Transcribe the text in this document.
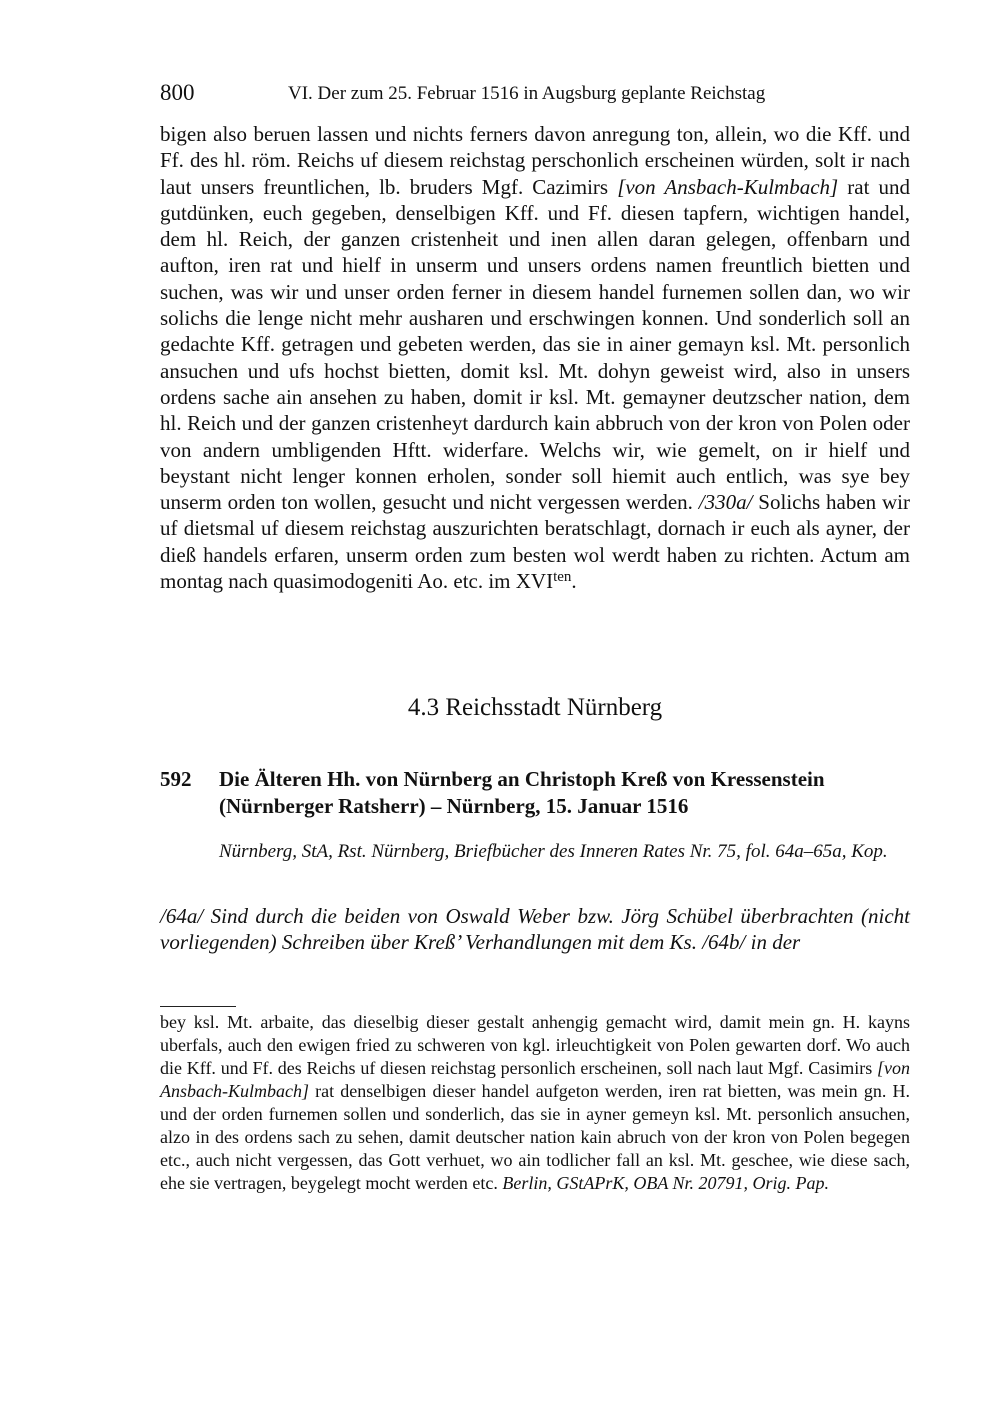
800	VI. Der zum 25. Februar 1516 in Augsburg geplante Reichstag

bigen also beruen lassen und nichts ferners davon anregung ton, allein, wo die Kff. und Ff. des hl. röm. Reichs uf diesem reichstag perschonlich erscheinen würden, solt ir nach laut unsers freuntlichen, lb. bruders Mgf. Cazimirs [von Ansbach-Kulmbach] rat und gutdünken, euch gegeben, denselbigen Kff. und Ff. diesen tapfern, wichtigen handel, dem hl. Reich, der ganzen cristenheit und inen allen daran gelegen, offenbarn und aufton, iren rat und hielf in unserm und unsers ordens namen freuntlich bietten und suchen, was wir und unser orden ferner in diesem handel furnemen sollen dan, wo wir solichs die lenge nicht mehr ausharen und erschwingen konnen. Und sonderlich soll an gedachte Kff. getragen und gebeten werden, das sie in ainer gemayn ksl. Mt. personlich ansuchen und ufs hochst bietten, domit ksl. Mt. dohyn geweist wird, also in unsers ordens sache ain ansehen zu haben, domit ir ksl. Mt. gemayner deutzscher nation, dem hl. Reich und der ganzen cristenheyt dardurch kain abbruch von der kron von Polen oder von andern umbligenden Hftt. widerfare. Welchs wir, wie gemelt, on ir hielf und beystant nicht lenger konnen erholen, sonder soll hiemit auch entlich, was sye bey unserm orden ton wollen, gesucht und nicht vergessen werden. /330a/ Solichs haben wir uf dietsmal uf diesem reichstag auszurichten beratschlagt, dornach ir euch als ayner, der dieß handels erfaren, unserm orden zum besten wol werdt haben zu richten. Actum am montag nach quasimodogeniti Ao. etc. im $XVI^{ten}$.

4.3 Reichsstadt Nürnberg
592 Die Älteren Hh. von Nürnberg an Christoph Kreß von Kressenstein (Nürnberger Ratsherr) – Nürnberg, 15. Januar 1516
Nürnberg, StA, Rst. Nürnberg, Briefbücher des Inneren Rates Nr. 75, fol. 64a–65a, Kop.
/64a/ Sind durch die beiden von Oswald Weber bzw. Jörg Schübel überbrachten (nicht vorliegenden) Schreiben über Kreß’ Verhandlungen mit dem Ks. /64b/ in der

bey ksl. Mt. arbaite, das dieselbig dieser gestalt anhengig gemacht wird, damit mein gn. H. kayns uberfals, auch den ewigen fried zu schweren von kgl. irleuchtigkeit von Polen gewarten dorf. Wo auch die Kff. und Ff. des Reichs uf diesen reichstag personlich erscheinen, soll nach laut Mgf. Casimirs [von Ansbach-Kulmbach] rat denselbigen dieser handel aufgeton werden, iren rat bietten, was mein gn. H. und der orden furnemen sollen und sonderlich, das sie in ayner gemeyn ksl. Mt. personlich ansuchen, alzo in des ordens sach zu sehen, damit deutscher nation kain abruch von der kron von Polen begegen etc., auch nicht vergessen, das Gott verhuet, wo ain todlicher fall an ksl. Mt. geschee, wie diese sach, ehe sie vertragen, beygelegt mocht werden etc. Berlin, GStAPrK, OBA Nr. 20791, Orig. Pap.
